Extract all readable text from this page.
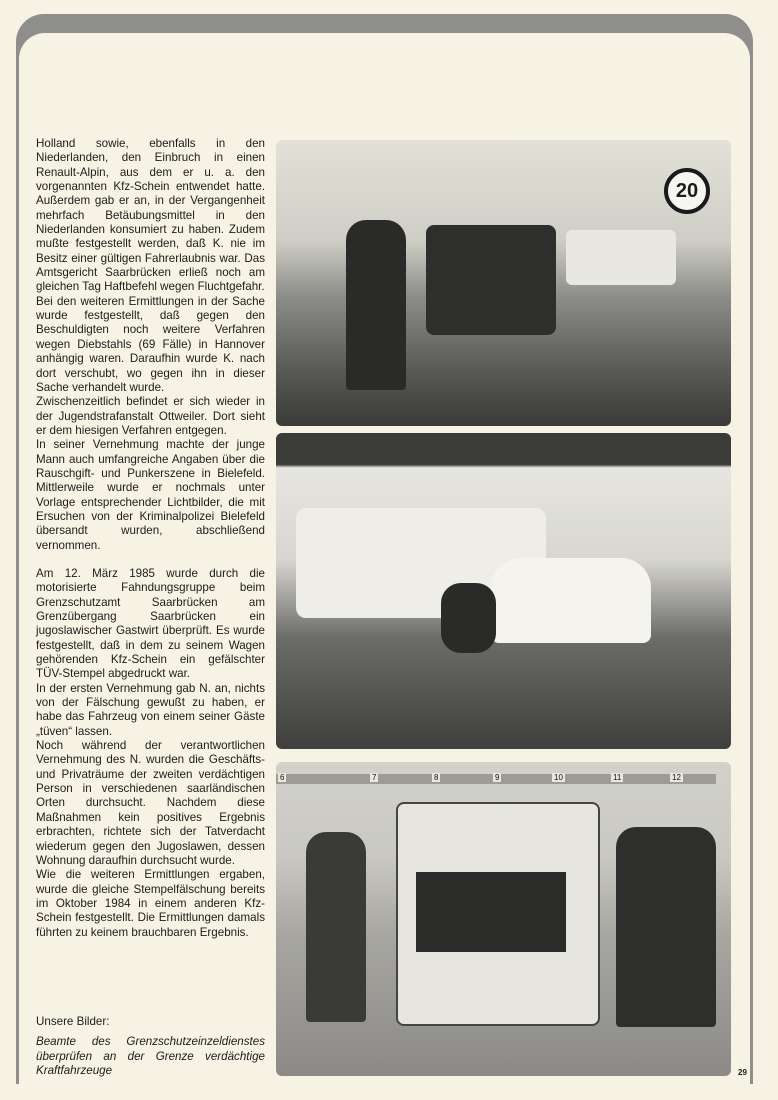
Holland sowie, ebenfalls in den Niederlanden, den Einbruch in einen Renault-Alpin, aus dem er u. a. den vorgenannten Kfz-Schein entwendet hatte. Außerdem gab er an, in der Vergangenheit mehrfach Betäubungsmittel in den Niederlanden konsumiert zu haben. Zudem mußte festgestellt werden, daß K. nie im Besitz einer gültigen Fahrerlaubnis war. Das Amtsgericht Saarbrücken erließ noch am gleichen Tag Haftbefehl wegen Fluchtgefahr.

Bei den weiteren Ermittlungen in der Sache wurde festgestellt, daß gegen den Beschuldigten noch weitere Verfahren wegen Diebstahls (69 Fälle) in Hannover anhängig waren. Daraufhin wurde K. nach dort verschubt, wo gegen ihn in dieser Sache verhandelt wurde.

Zwischenzeitlich befindet er sich wieder in der Jugendstrafanstalt Ottweiler. Dort sieht er dem hiesigen Verfahren entgegen.

In seiner Vernehmung machte der junge Mann auch umfangreiche Angaben über die Rauschgift- und Punkerszene in Bielefeld. Mittlerweile wurde er nochmals unter Vorlage entsprechender Lichtbilder, die mit Ersuchen von der Kriminalpolizei Bielefeld übersandt wurden, abschließend vernommen.

Am 12. März 1985 wurde durch die motorisierte Fahndungsgruppe beim Grenzschutzamt Saarbrücken am Grenzübergang Saarbrücken ein jugoslawischer Gastwirt überprüft. Es wurde festgestellt, daß in dem zu seinem Wagen gehörenden Kfz-Schein ein gefälschter TÜV-Stempel abgedruckt war.

In der ersten Vernehmung gab N. an, nichts von der Fälschung gewußt zu haben, er habe das Fahrzeug von einem seiner Gäste „tüven“ lassen.

Noch während der verantwortlichen Vernehmung des N. wurden die Geschäfts- und Privaträume der zweiten verdächtigen Person in verschiedenen saarländischen Orten durchsucht. Nachdem diese Maßnahmen kein positives Ergebnis erbrachten, richtete sich der Tatverdacht wiederum gegen den Jugoslawen, dessen Wohnung daraufhin durchsucht wurde.

Wie die weiteren Ermittlungen ergaben, wurde die gleiche Stempelfälschung bereits im Oktober 1984 in einem anderen Kfz-Schein festgestellt. Die Ermittlungen damals führten zu keinem brauchbaren Ergebnis.

Unsere Bilder:
Beamte des Grenzschutzeinzeldienstes überprüfen an der Grenze verdächtige Kraftfahrzeuge
20
6	7	8	9	10	11	12
29
